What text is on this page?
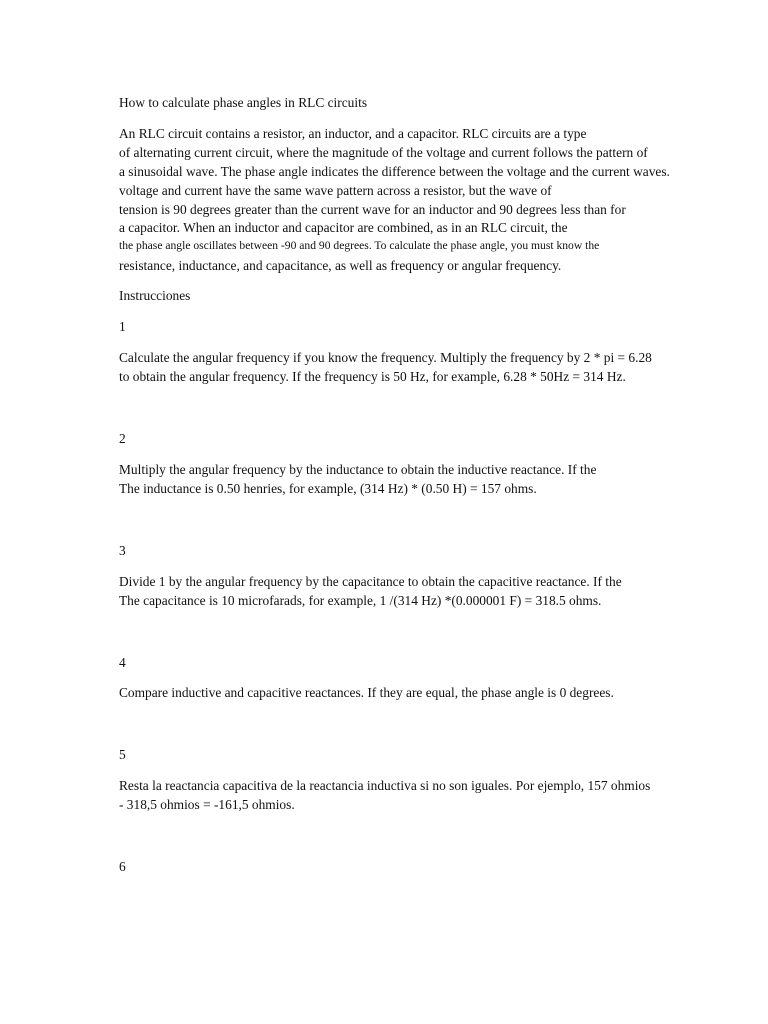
How to calculate phase angles in RLC circuits
An RLC circuit contains a resistor, an inductor, and a capacitor. RLC circuits are a type
of alternating current circuit, where the magnitude of the voltage and current follows the pattern of
a sinusoidal wave. The phase angle indicates the difference between the voltage and the current waves.
voltage and current have the same wave pattern across a resistor, but the wave of
tension is 90 degrees greater than the current wave for an inductor and 90 degrees less than for
a capacitor. When an inductor and capacitor are combined, as in an RLC circuit, the
the phase angle oscillates between -90 and 90 degrees. To calculate the phase angle, you must know the
resistance, inductance, and capacitance, as well as frequency or angular frequency.
Instrucciones
1
Calculate the angular frequency if you know the frequency. Multiply the frequency by 2 * pi = 6.28
to obtain the angular frequency. If the frequency is 50 Hz, for example, 6.28 * 50Hz = 314 Hz.
2
Multiply the angular frequency by the inductance to obtain the inductive reactance. If the
The inductance is 0.50 henries, for example, (314 Hz) * (0.50 H) = 157 ohms.
3
Divide 1 by the angular frequency by the capacitance to obtain the capacitive reactance. If the
The capacitance is 10 microfarads, for example, 1 /(314 Hz) *(0.000001 F) = 318.5 ohms.
4
Compare inductive and capacitive reactances. If they are equal, the phase angle is 0 degrees.
5
Resta la reactancia capacitiva de la reactancia inductiva si no son iguales. Por ejemplo, 157 ohmios
- 318,5 ohmios = -161,5 ohmios.
6
